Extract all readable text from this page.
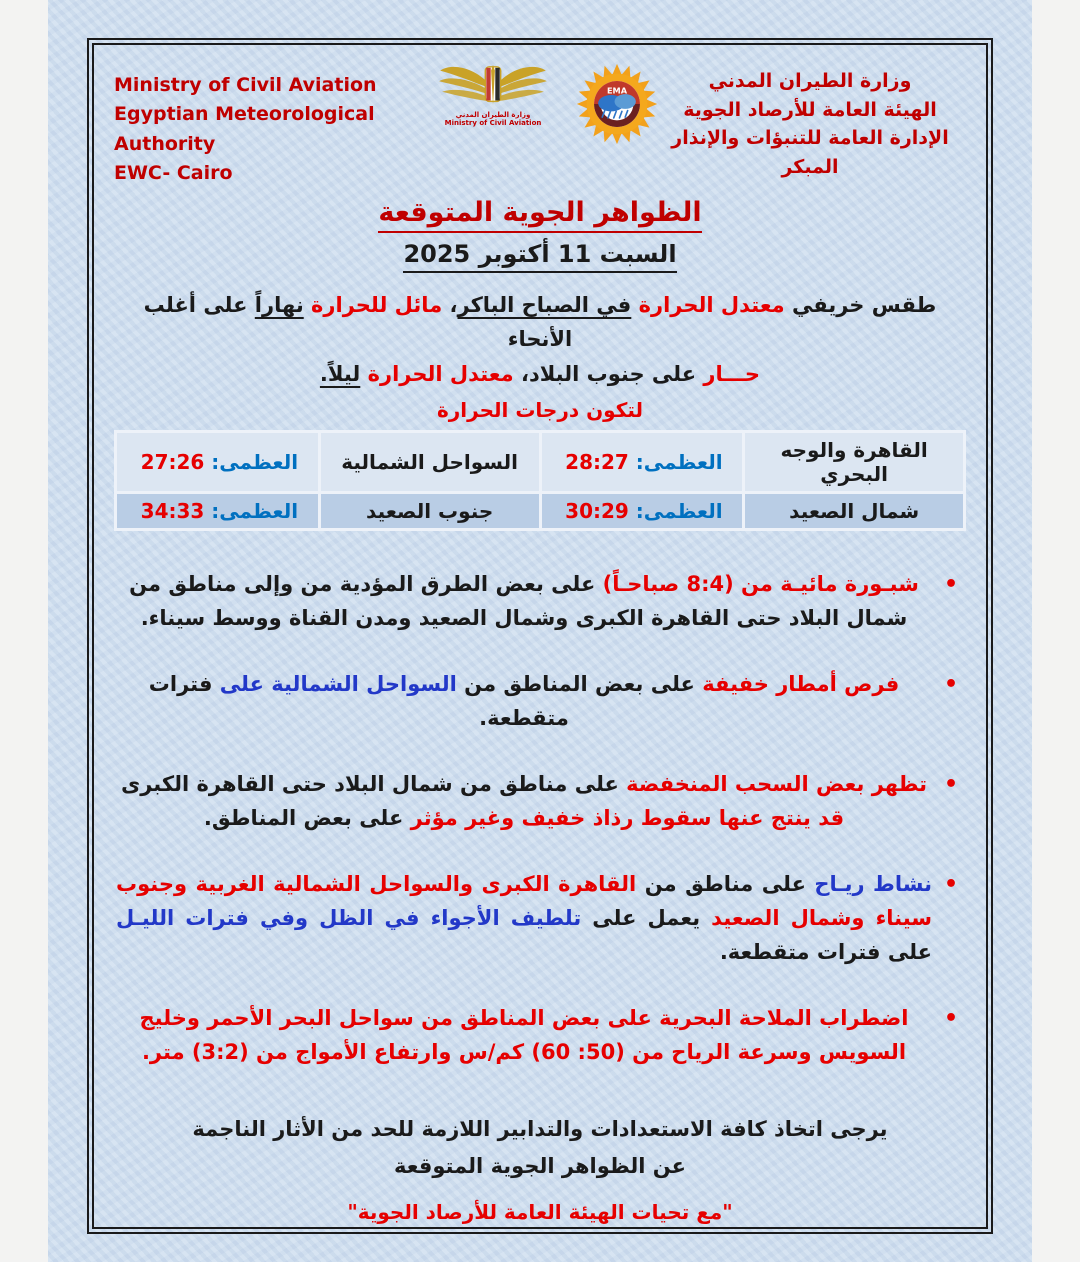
Ministry of Civil Aviation
Egyptian Meteorological Authority
EWC- Cairo
وزارة الطيران المدني
Ministry of Civil Aviation
EMA	وزارة الطيران المدني
الهيئة العامة للأرصاد الجوية
الإدارة العامة للتنبؤات والإنذار المبكر
الظواهر الجوية المتوقعة
السبت 11 أكتوبر 2025
طقس خريفي معتدل الحرارة في الصباح الباكر، مائل للحرارة نهاراً على أغلب الأنحاء
حـــار على جنوب البلاد، معتدل الحرارة ليلاً.
لتكون درجات الحرارة
القاهرة والوجه البحري	العظمى: 28:27	السواحل الشمالية	العظمى: 27:26
شمال الصعيد	العظمى: 30:29	جنوب الصعيد	العظمى: 34:33
•
شبـورة مائيـة من (8:4 صباحـاً) على بعض الطرق المؤدية من وإلى مناطق من شمال البلاد حتى القاهرة الكبرى وشمال الصعيد ومدن القناة ووسط سيناء.
•
فرص أمطار خفيفة على بعض المناطق من السواحل الشمالية على فترات متقطعة.
•
تظهر بعض السحب المنخفضة على مناطق من شمال البلاد حتى القاهرة الكبرى قد ينتج عنها سقوط رذاذ خفيف وغير مؤثر على بعض المناطق.
•
نشاط ريـاح على مناطق من القاهرة الكبرى والسواحل الشمالية الغربية وجنوب سيناء وشمال الصعيد يعمل على تلطيف الأجواء في الظل وفي فترات الليـل على فترات متقطعة.
•
اضطراب الملاحة البحرية على بعض المناطق من سواحل البحر الأحمر وخليج السويس وسرعة الرياح من (50: 60) كم/س وارتفاع الأمواج من (3:2) متر.
يرجى اتخاذ كافة الاستعدادات والتدابير اللازمة للحد من الأثار الناجمة
عن الظواهر الجوية المتوقعة
"مع تحيات الهيئة العامة للأرصاد الجوية"
